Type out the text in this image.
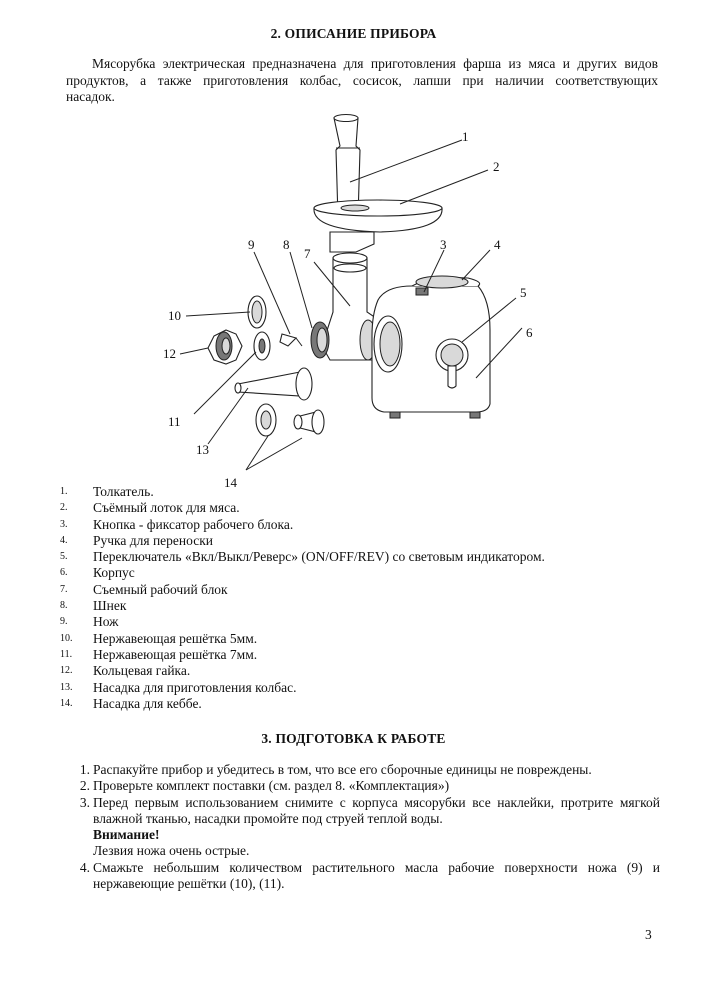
2. ОПИСАНИЕ ПРИБОРА
Мясорубка электрическая предназначена для приготовления фарша из мяса и других видов
продуктов, а также приготовления колбас, сосисок, лапши при наличии соответствующих
насадок.
1
2
3	4
5
6
7
8
9
10
11
12
13
14
1.	Толкатель.
2.	Съёмный лоток для мяса.
3.	Кнопка - фиксатор рабочего блока.
4.	Ручка для переноски
5.	Переключатель «Вкл/Выкл/Реверс» (ON/OFF/REV) со световым индикатором.
6.	Корпус
7.	Съемный рабочий блок
8.	Шнек
9.	Нож
10.	Нержавеющая решётка 5мм.
11.	Нержавеющая решётка 7мм.
12.	Кольцевая гайка.
13.	Насадка для приготовления колбас.
14.	Насадка для кеббе.
3. ПОДГОТОВКА К РАБОТЕ
1. Распакуйте прибор и убедитесь в том, что все его сборочные единицы не повреждены.
2. Проверьте комплект поставки (см. раздел 8. «Комплектация»)
3. Перед первым использованием снимите с корпуса мясорубки все наклейки, протрите мягкой влажной тканью, насадки промойте под струей теплой воды.
Внимание!
Лезвия ножа очень острые.
4. Смажьте небольшим количеством растительного масла рабочие поверхности ножа (9) и нержавеющие решётки (10), (11).
3
